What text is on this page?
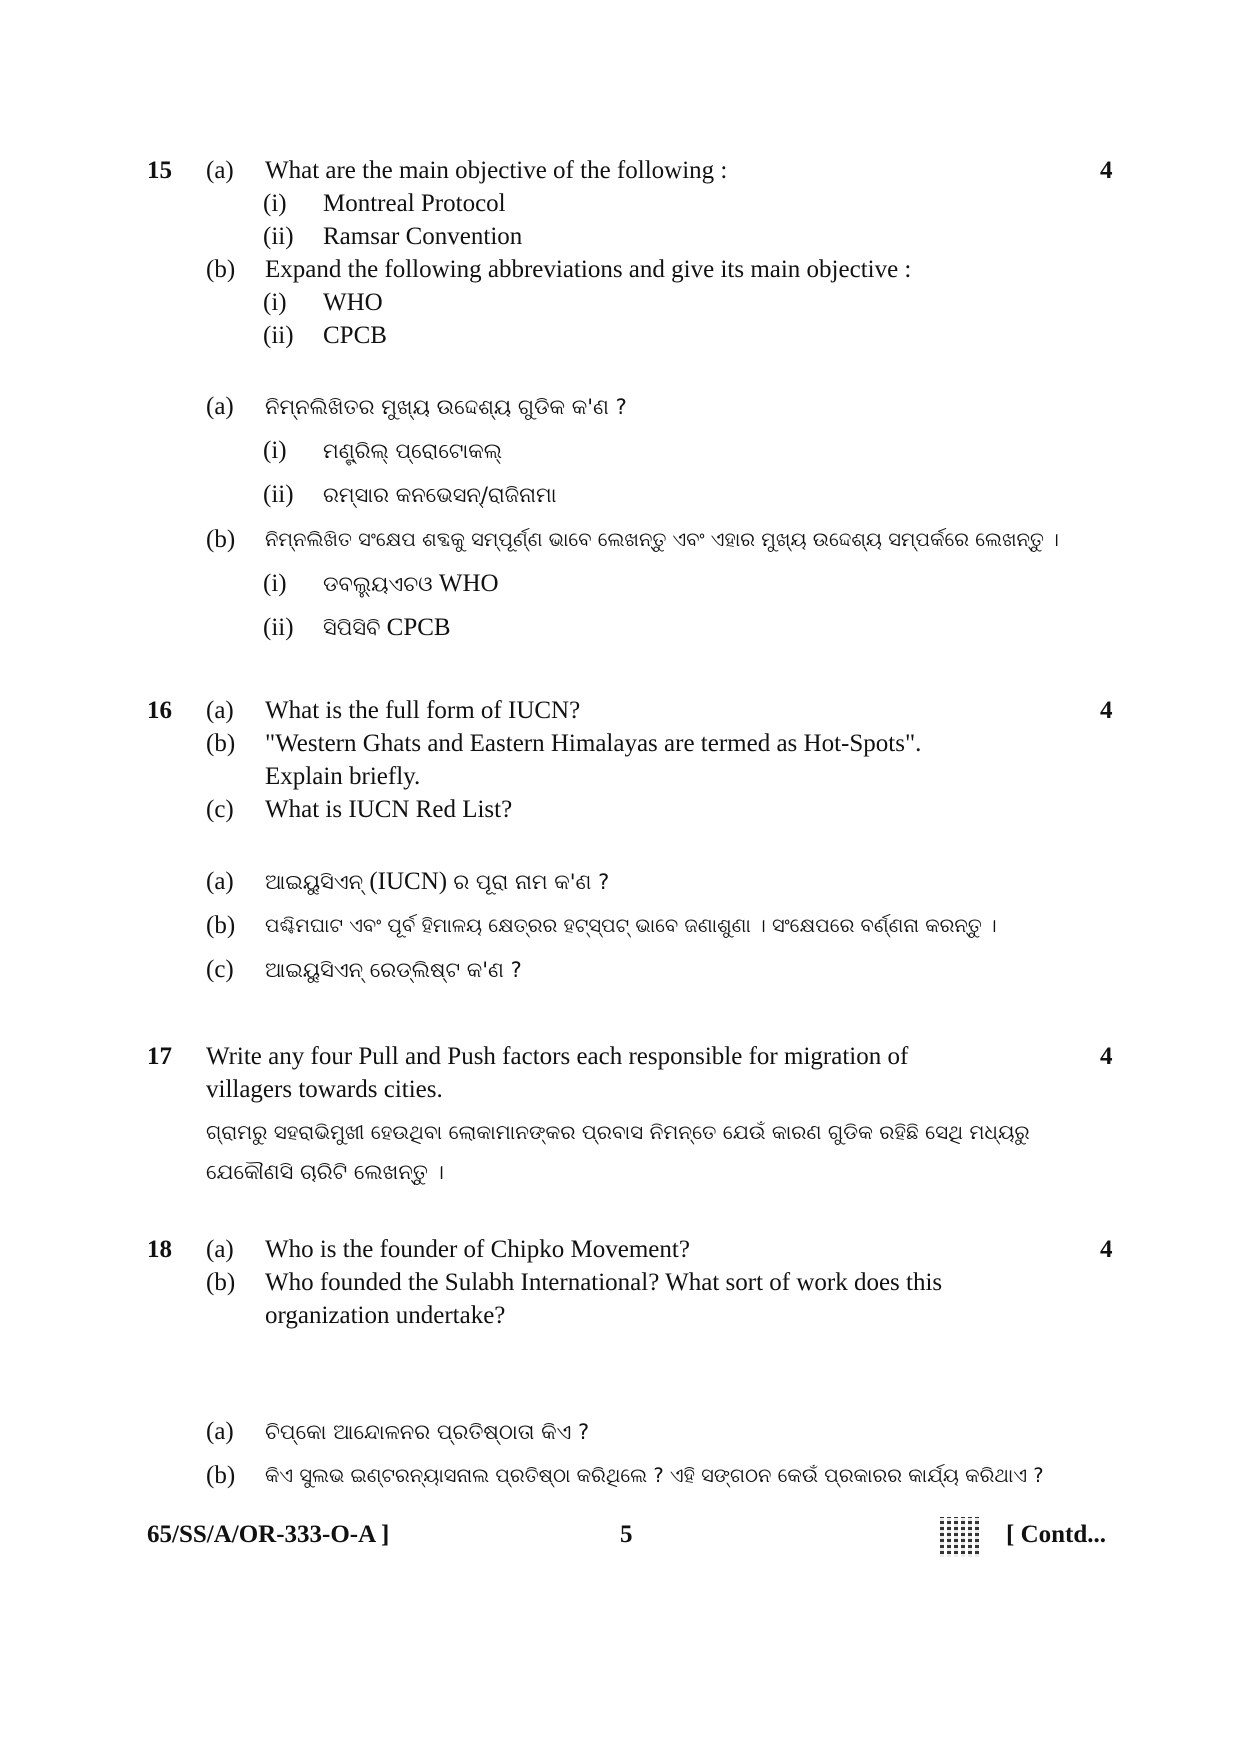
15 (a) What are the main objective of the following :	4
(i) Montreal Protocol
(ii) Ramsar Convention
(b) Expand the following abbreviations and give its main objective :
(i) WHO
(ii) CPCB
(a) ନିମ୍ନଲିଖିତର ମୁଖ୍ୟ ଉଦ୍ଦେଶ୍ୟ ଗୁଡିକ କ'ଣ ?
(i) ମଣ୍ଟ୍ରିଲ୍ ପ୍ରୋଟୋକଲ୍
(ii) ରମ୍‌ସାର କନଭେସନ୍/ରାଜିନାମା
(b) ନିମ୍ନଲିଖିତ ସଂକ୍ଷେପ ଶବ୍ଦକୁ ସମ୍ପୂର୍ଣ୍ଣ ଭାବେ ଲେଖନ୍ତୁ ଏବଂ ଏହାର ମୁଖ୍ୟ ଉଦ୍ଦେଶ୍ୟ ସମ୍ପର୍କରେ ଲେଖନ୍ତୁ ।
(i) ଡବଲ୍ୟୁଏଚଓ WHO
(ii) ସିପିସିବି CPCB
16 (a) What is the full form of IUCN?	4
(b) "Western Ghats and Eastern Himalayas are termed as Hot-Spots".
Explain briefly.
(c) What is IUCN Red List?
(a) ଆଇୟୁସିଏନ୍ (IUCN) ର ପୂରା ନାମ କ'ଣ ?
(b) ପଶ୍ଚିମଘାଟ ଏବଂ ପୂର୍ବ ହିମାଳୟ କ୍ଷେତ୍ରର ହଟ୍‌ସ୍ପଟ୍ ଭାବେ ଜଣାଶୁଣା । ସଂକ୍ଷେପରେ ବର୍ଣ୍ଣନା କରନ୍ତୁ ।
(c) ଆଇୟୁସିଏନ୍ ରେଡ୍‌ଲିଷ୍ଟ କ'ଣ ?
17 Write any four Pull and Push factors each responsible for migration of	4
villagers towards cities.
ଗ୍ରାମରୁ ସହରାଭିମୁଖୀ ହେଉଥିବା ଲୋକାମାନଙ୍କର ପ୍ରବାସ ନିମନ୍ତେ ଯେଉଁ କାରଣ ଗୁଡିକ ରହିଛି ସେଥି ମଧ୍ୟରୁ
ଯେକୌଣସି ଚାରିଟି ଲେଖନ୍ତୁ ।
18 (a) Who is the founder of Chipko Movement?	4
(b) Who founded the Sulabh International? What sort of work does this
organization undertake?
(a) ଚିପ୍‌କୋ ଆନ୍ଦୋଳନର ପ୍ରତିଷ୍ଠାତା କିଏ ?
(b) କିଏ ସୁଲଭ ଇଣ୍ଟରନ୍ୟାସନାଲ ପ୍ରତିଷ୍ଠା କରିଥିଲେ ? ଏହି ସଙ୍ଗଠନ କେଉଁ ପ୍ରକାରର କାର୍ଯ୍ୟ କରିଥାଏ ?
65/SS/A/OR-333-O-A ]	5	[ Contd...
